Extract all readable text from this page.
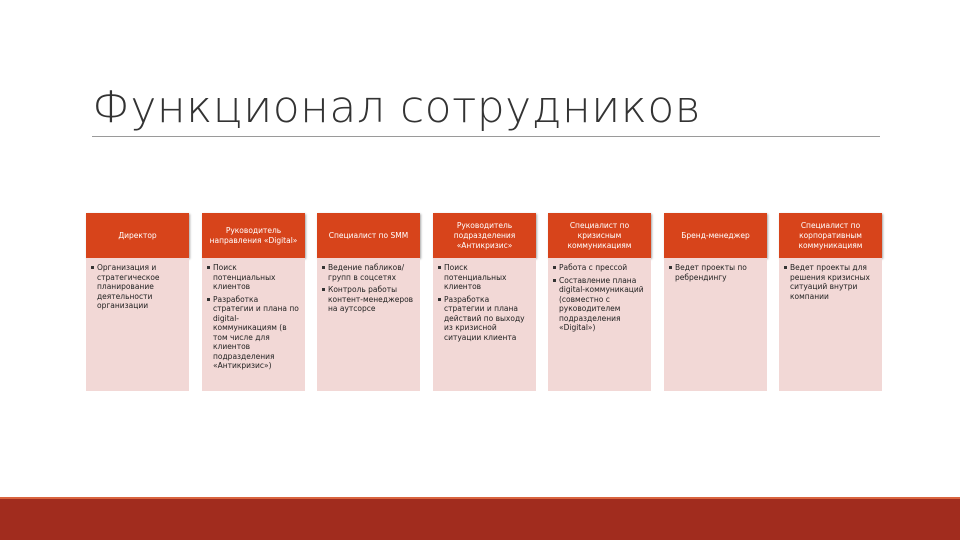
Функционал сотрудников
Директор
Организация и стратегическое планирование деятельности организации
Руководитель направления «Digital»
Поиск потенциальных клиентов
Разработка стратегии и плана по digital-коммуникациям (в том числе для клиентов подразделения «Антикризис»)
Специалист по SMM
Ведение пабликов/групп в соцсетях
Контроль работы контент-менеджеров на аутсорсе
Руководитель подразделения «Антикризис»
Поиск потенциальных клиентов
Разработка стратегии и плана действий по выходу из кризисной ситуации клиента
Специалист по кризисным коммуникациям
Работа с прессой
Составление плана digital-коммуникаций (совместно с руководителем подразделения «Digital»)
Бренд-менеджер
Ведет проекты по ребрендингу
Специалист по корпоративным коммуникациям
Ведет проекты для решения кризисных ситуаций внутри компании
